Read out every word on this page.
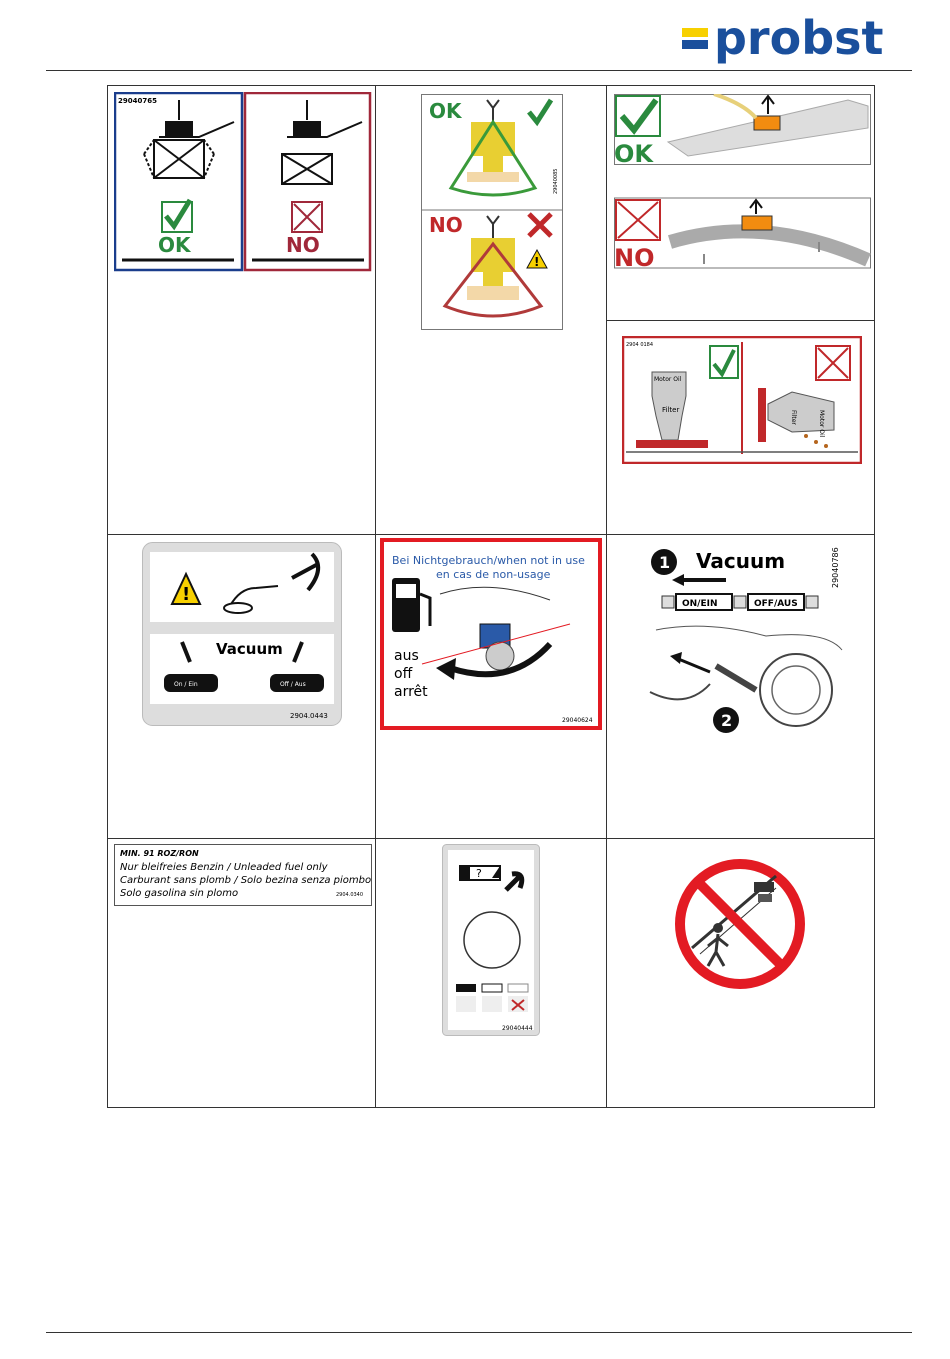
probst
29040765
OK	NO
OK
NO
!
29040085
OK
NO
2904 0184
Motor Oil
Filter	Motor Oil
Filter
!
Vacuum
On / Ein	Off / Aus
2904.0443
Bei Nichtgebrauch/when not in use
en cas de non-usage
aus
off
arrêt
29040624
1 Vacuum
ON/EIN	OFF/AUS
29040786
2
MIN. 91 ROZ/RON
Nur bleifreies Benzin / Unleaded fuel only
Carburant sans plomb / Solo bezina senza piombo
Solo gasolina sin plomo	2904.0340
?
29040444
